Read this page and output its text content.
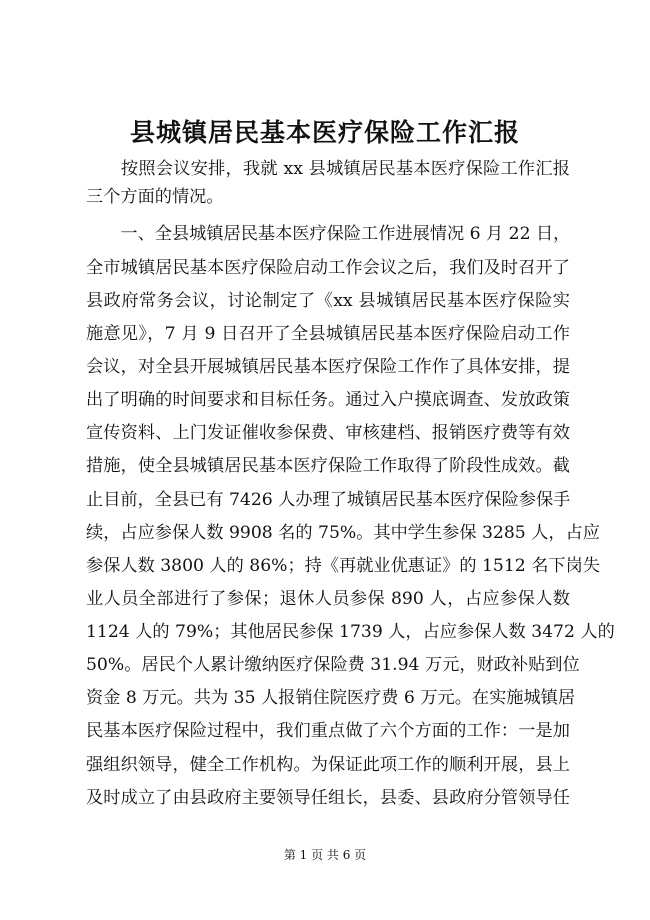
县城镇居民基本医疗保险工作汇报
　　按照会议安排，我就 xx 县城镇居民基本医疗保险工作汇报
三个方面的情况。
　　一、全县城镇居民基本医疗保险工作进展情况 6 月 22 日，
全市城镇居民基本医疗保险启动工作会议之后，我们及时召开了
县政府常务会议，讨论制定了《xx 县城镇居民基本医疗保险实
施意见》，7 月 9 日召开了全县城镇居民基本医疗保险启动工作
会议，对全县开展城镇居民基本医疗保险工作作了具体安排，提
出了明确的时间要求和目标任务。通过入户摸底调查、发放政策
宣传资料、上门发证催收参保费、审核建档、报销医疗费等有效
措施，使全县城镇居民基本医疗保险工作取得了阶段性成效。截
止目前，全县已有 7426 人办理了城镇居民基本医疗保险参保手
续，占应参保人数 9908 名的 75%。其中学生参保 3285 人，占应
参保人数 3800 人的 86%；持《再就业优惠证》的 1512 名下岗失
业人员全部进行了参保；退休人员参保 890 人，占应参保人数
1124 人的 79%；其他居民参保 1739 人，占应参保人数 3472 人的
50%。居民个人累计缴纳医疗保险费 31.94 万元，财政补贴到位
资金 8 万元。共为 35 人报销住院医疗费 6 万元。在实施城镇居
民基本医疗保险过程中，我们重点做了六个方面的工作：一是加
强组织领导，健全工作机构。为保证此项工作的顺利开展，县上
及时成立了由县政府主要领导任组长，县委、县政府分管领导任
第 1 页 共 6 页
